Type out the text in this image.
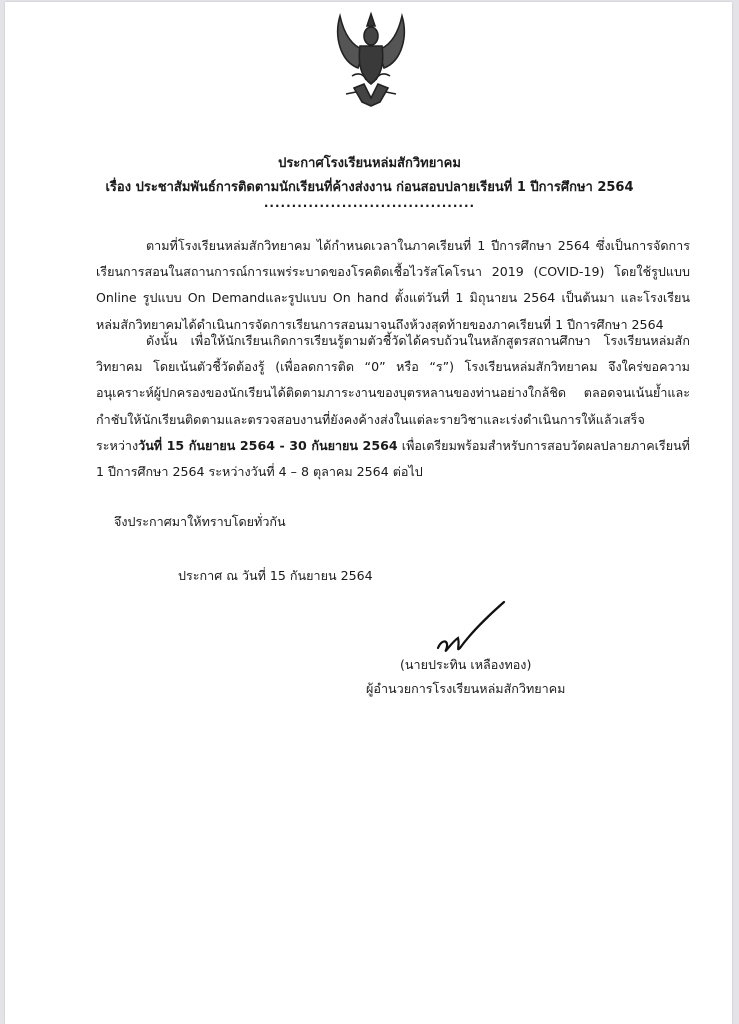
ประกาศโรงเรียนหล่มสักวิทยาคม
เรื่อง ประชาสัมพันธ์การติดตามนักเรียนที่ค้างส่งงาน ก่อนสอบปลายเรียนที่ 1 ปีการศึกษา 2564
......................................
ตามที่โรงเรียนหล่มสักวิทยาคม ได้กำหนดเวลาในภาคเรียนที่ 1 ปีการศึกษา 2564 ซึ่งเป็นการจัดการเรียนการสอนในสถานการณ์การแพร่ระบาดของโรคติดเชื้อไวรัสโคโรนา 2019 (COVID-19) โดยใช้รูปแบบ Online รูปแบบ On Demandและรูปแบบ On hand ตั้งแต่วันที่ 1 มิถุนายน 2564 เป็นต้นมา และโรงเรียนหล่มสักวิทยาคมได้ดำเนินการจัดการเรียนการสอนมาจนถึงห้วงสุดท้ายของภาคเรียนที่ 1 ปีการศึกษา 2564
ดังนั้น เพื่อให้นักเรียนเกิดการเรียนรู้ตามตัวชี้วัดได้ครบถ้วนในหลักสูตรสถานศึกษา โรงเรียนหล่มสักวิทยาคม โดยเน้นตัวชี้วัดต้องรู้ (เพื่อลดการติด “0” หรือ “ร”) โรงเรียนหล่มสักวิทยาคม จึงใคร่ขอความอนุเคราะห์ผู้ปกครองของนักเรียนได้ติดตามภาระงานของบุตรหลานของท่านอย่างใกล้ชิด ตลอดจนเน้นย้ำและกำชับให้นักเรียนติดตามและตรวจสอบงานที่ยังคงค้างส่งในแต่ละรายวิชาและเร่งดำเนินการให้แล้วเสร็จ ระหว่างวันที่ 15 กันยายน 2564 - 30 กันยายน 2564 เพื่อเตรียมพร้อมสำหรับการสอบวัดผลปลายภาคเรียนที่ 1 ปีการศึกษา 2564 ระหว่างวันที่ 4 – 8 ตุลาคม 2564 ต่อไป
จึงประกาศมาให้ทราบโดยทั่วกัน
ประกาศ ณ วันที่ 15 กันยายน 2564
(นายประทิน เหลืองทอง)
ผู้อำนวยการโรงเรียนหล่มสักวิทยาคม
